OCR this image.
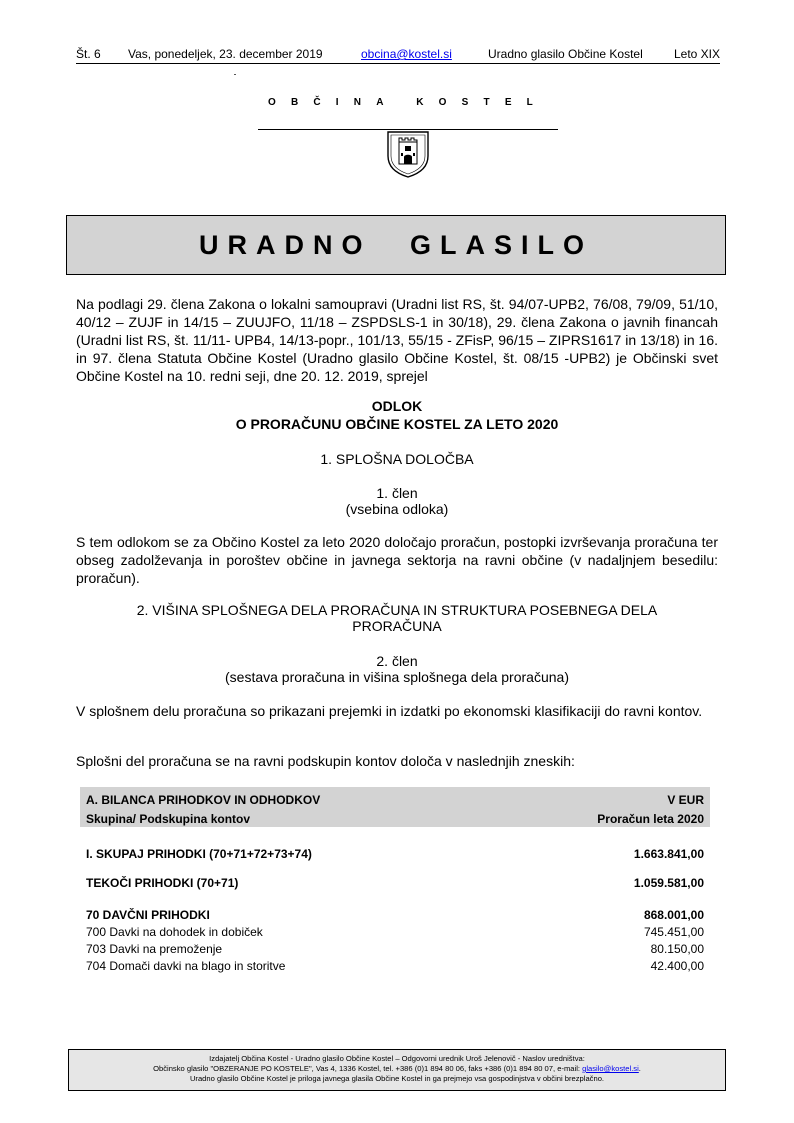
Št. 6 Vas, ponedeljek, 23. december 2019	obcina@kostel.si	Uradno glasilo Občine Kostel	Leto XIX
OBČINA KOSTEL
URADNO GLASILO
Na podlagi 29. člena Zakona o lokalni samoupravi (Uradni list RS, št. 94/07-UPB2, 76/08, 79/09, 51/10, 40/12 – ZUJF in 14/15 – ZUUJFO, 11/18 – ZSPDSLS-1 in 30/18), 29. člena Zakona o javnih financah (Uradni list RS, št. 11/11- UPB4, 14/13-popr., 101/13, 55/15 - ZFisP, 96/15 – ZIPRS1617 in 13/18) in 16. in 97. člena Statuta Občine Kostel (Uradno glasilo Občine Kostel, št. 08/15 -UPB2) je Občinski svet Občine Kostel na 10. redni seji, dne 20. 12. 2019, sprejel
ODLOK
O PRORAČUNU OBČINE KOSTEL ZA LETO 2020
1. SPLOŠNA DOLOČBA
1. člen
(vsebina odloka)
S tem odlokom se za Občino Kostel za leto 2020 določajo proračun, postopki izvrševanja proračuna ter obseg zadolževanja in poroštev občine in javnega sektorja na ravni občine (v nadaljnjem besedilu: proračun).
2. VIŠINA SPLOŠNEGA DELA PRORAČUNA IN STRUKTURA POSEBNEGA DELA
PRORAČUNA
2. člen
(sestava proračuna in višina splošnega dela proračuna)
V splošnem delu proračuna so prikazani prejemki in izdatki po ekonomski klasifikaciji do ravni kontov.
Splošni del proračuna se na ravni podskupin kontov določa v naslednjih zneskih:
A. BILANCA PRIHODKOV IN ODHODKOV	V EUR
Skupina/ Podskupina kontov	Proračun leta 2020
I. SKUPAJ PRIHODKI (70+71+72+73+74)	1.663.841,00
TEKOČI PRIHODKI (70+71)	1.059.581,00
70 DAVČNI PRIHODKI	868.001,00
700 Davki na dohodek in dobiček	745.451,00
703 Davki na premoženje	80.150,00
704 Domači davki na blago in storitve	42.400,00
Izdajatelj Občina Kostel - Uradno glasilo Občine Kostel – Odgovorni urednik Uroš Jelenovič - Naslov uredništva:
Občinsko glasilo "OBZERANJE PO KOSTELE", Vas 4, 1336 Kostel, tel. +386 (0)1 894 80 06, faks +386 (0)1 894 80 07, e-mail: glasilo@kostel.si.
Uradno glasilo Občine Kostel je priloga javnega glasila Občine Kostel in ga prejmejo vsa gospodinjstva v občini brezplačno.
